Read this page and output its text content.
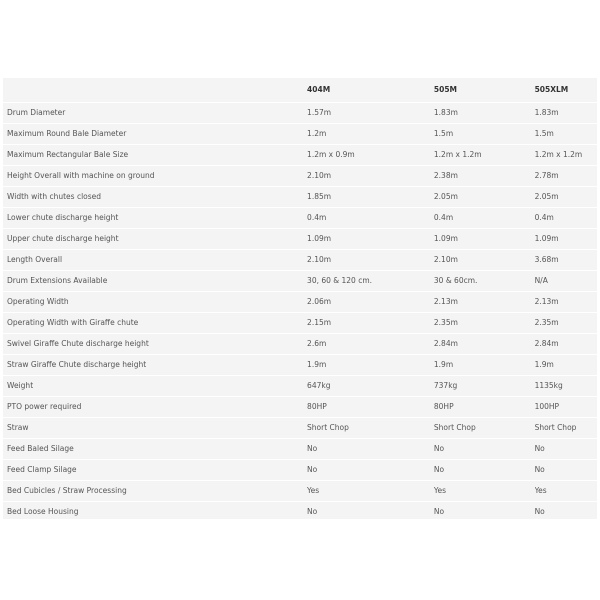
	404M	505M	505XLM
Drum Diameter	1.57m	1.83m	1.83m
Maximum Round Bale Diameter	1.2m	1.5m	1.5m
Maximum Rectangular Bale Size	1.2m x 0.9m	1.2m x 1.2m	1.2m x 1.2m
Height Overall with machine on ground	2.10m	2.38m	2.78m
Width with chutes closed	1.85m	2.05m	2.05m
Lower chute discharge height	0.4m	0.4m	0.4m
Upper chute discharge height	1.09m	1.09m	1.09m
Length Overall	2.10m	2.10m	3.68m
Drum Extensions Available	30, 60 & 120 cm.	30 & 60cm.	N/A
Operating Width	2.06m	2.13m	2.13m
Operating Width with Giraffe chute	2.15m	2.35m	2.35m
Swivel Giraffe Chute discharge height	2.6m	2.84m	2.84m
Straw Giraffe Chute discharge height	1.9m	1.9m	1.9m
Weight	647kg	737kg	1135kg
PTO power required	80HP	80HP	100HP
Straw	Short Chop	Short Chop	Short Chop
Feed Baled Silage	No	No	No
Feed Clamp Silage	No	No	No
Bed Cubicles / Straw Processing	Yes	Yes	Yes
Bed Loose Housing	No	No	No
